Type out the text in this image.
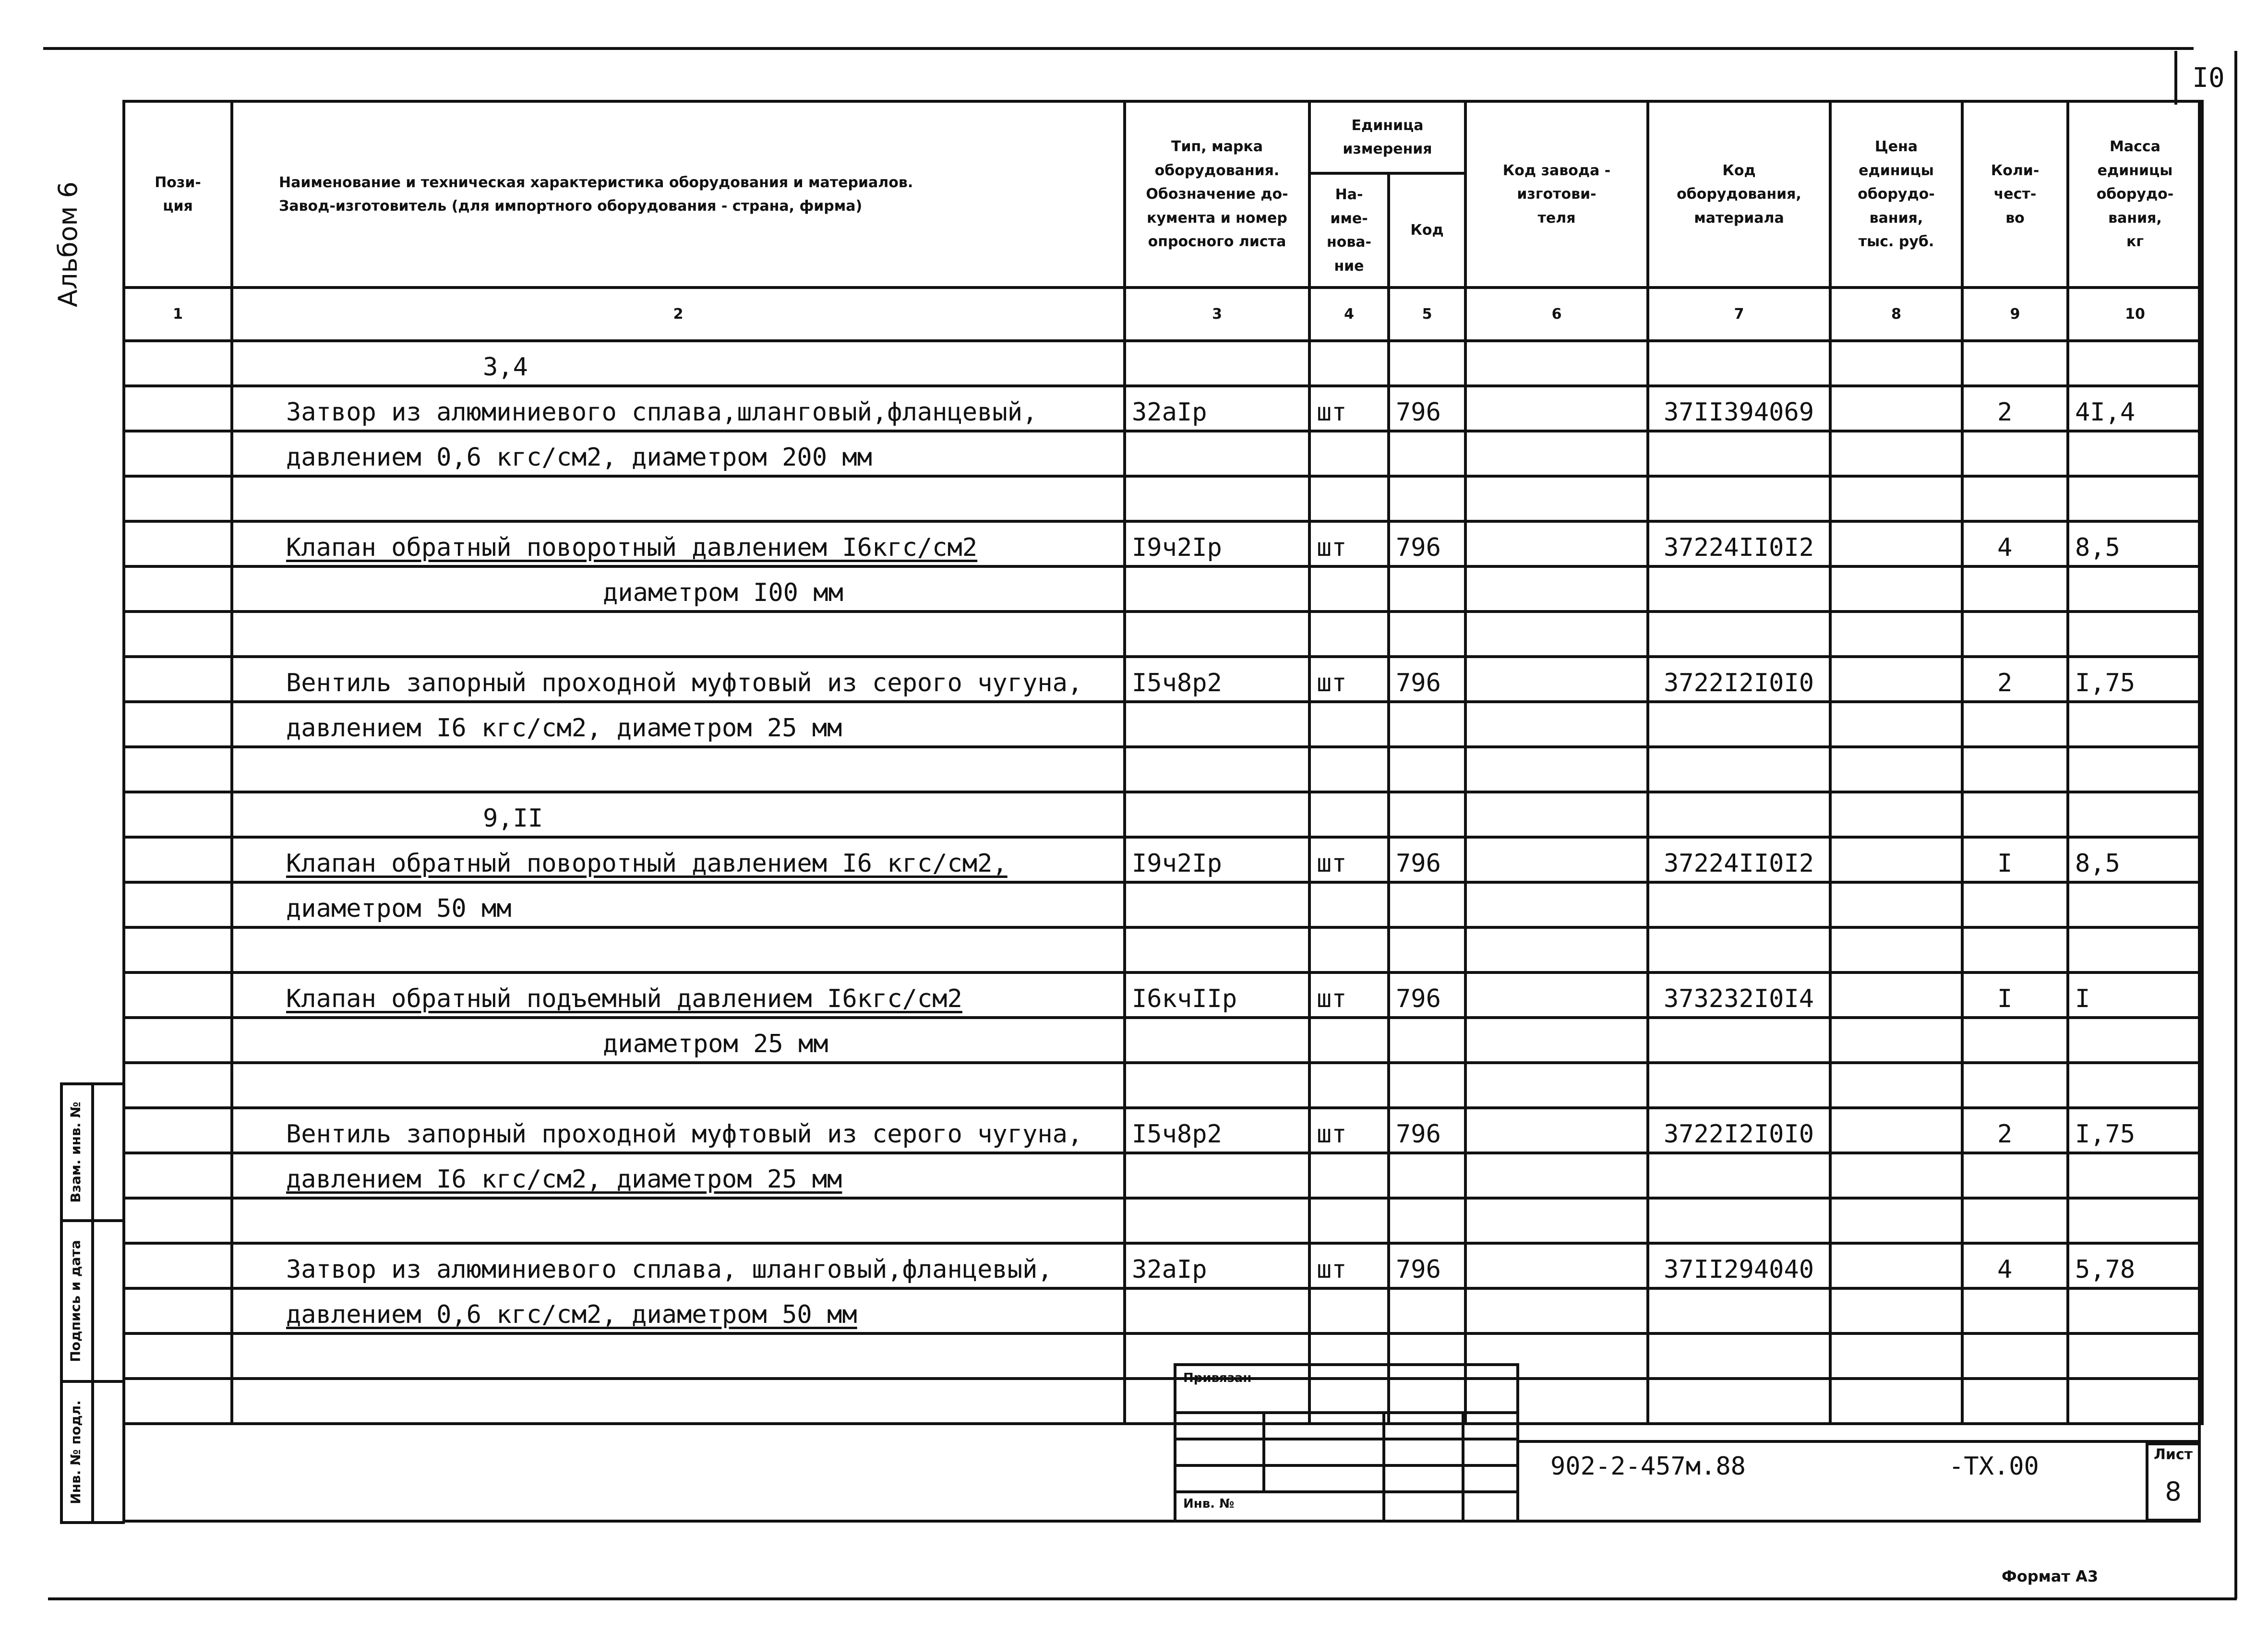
I0
Альбом 6
Взам. инв. №
Подпись и дата
Инв. № подл.
Пози-
ция	Наименование и техническая характеристика оборудования и материалов.
Завод-изготовитель (для импортного оборудования - страна, фирма)	Тип, марка
оборудования.
Обозначение до-
кумента и номер
опросного листа	Единица
измерения		Код завода -
изготови-
теля	Код
оборудования,
материала	Цена
единицы
оборудо-
вания,
тыс. руб.	Коли-
чест-
во	Масса
единицы
оборудо-
вания,
кг
			На-
име-
нова-
ние	Код					
1	2	3	4	5	6	7	8	9	10
	3,4								
	Затвор из алюминиевого сплава,шланговый,фланцевый,	32аIр	шт	796		37II394069		2	4I,4
	давлением 0,6 кгс/см2, диаметром 200 мм								

	Клапан обратный поворотный давлением I6кгс/см2	I9ч2Iр	шт	796		37224II0I2		4	8,5
	диаметром I00 мм								

	Вентиль запорный проходной муфтовый из серого чугуна,	I5ч8р2	шт	796		3722I2I0I0		2	I,75
	давлением I6 кгс/см2, диаметром 25 мм								

	9,II								
	Клапан обратный поворотный давлением I6 кгс/см2,	I9ч2Iр	шт	796		37224II0I2		I	8,5
	диаметром 50 мм								

	Клапан обратный подъемный давлением I6кгс/см2	I6кчIIр	шт	796		373232I0I4		I	I
	диаметром 25 мм								

	Вентиль запорный проходной муфтовый из серого чугуна,	I5ч8р2	шт	796		3722I2I0I0		2	I,75
	давлением I6 кгс/см2, диаметром 25 мм								

	Затвор из алюминиевого сплава, шланговый,фланцевый,	32аIр	шт	796		37II294040		4	5,78
	давлением 0,6 кгс/см2, диаметром 50 мм								

Привязан
Инв. №
902-2-457м.88	-ТХ.00	Лист
8
Формат А3
